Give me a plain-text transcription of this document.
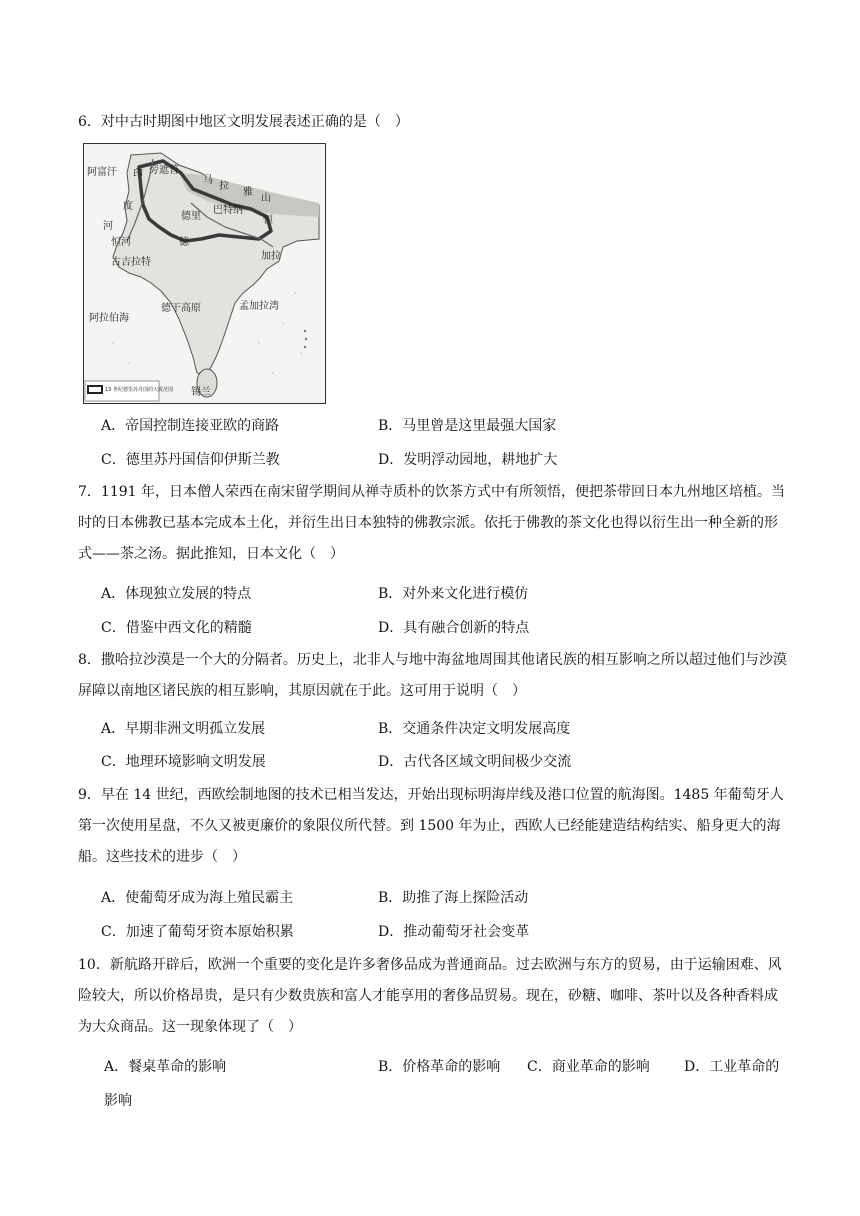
6．对中古时期图中地区文明发展表述正确的是（　）
阿富汗 印 旁遮普
度
河
恒河
古吉拉特
马
拉
雅
山
德里
巴特纳
德
恒
加拉
德干高原	孟加拉湾
阿拉伯海
锡兰
13 世纪德里苏丹国的大致范围
A．帝国控制连接亚欧的商路	B．马里曾是这里最强大国家
C．德里苏丹国信仰伊斯兰教	D．发明浮动园地，耕地扩大
7．1191 年，日本僧人荣西在南宋留学期间从禅寺质朴的饮茶方式中有所领悟，便把茶带回日本九州地区培植。当时的日本佛教已基本完成本土化，并衍生出日本独特的佛教宗派。依托于佛教的茶文化也得以衍生出一种全新的形式——茶之汤。据此推知，日本文化（　）
A．体现独立发展的特点	B．对外来文化进行模仿
C．借鉴中西文化的精髓	D．具有融合创新的特点
8．撒哈拉沙漠是一个大的分隔者。历史上，北非人与地中海盆地周围其他诸民族的相互影响之所以超过他们与沙漠屏障以南地区诸民族的相互影响，其原因就在于此。这可用于说明（　）
A．早期非洲文明孤立发展	B．交通条件决定文明发展高度
C．地理环境影响文明发展	D．古代各区域文明间极少交流
9．早在 14 世纪，西欧绘制地图的技术已相当发达，开始出现标明海岸线及港口位置的航海图。1485 年葡萄牙人第一次使用星盘，不久又被更廉价的象限仪所代替。到 1500 年为止，西欧人已经能建造结构结实、船身更大的海船。这些技术的进步（　）
A．使葡萄牙成为海上殖民霸主	B．助推了海上探险活动
C．加速了葡萄牙资本原始积累	D．推动葡萄牙社会变革
10．新航路开辟后，欧洲一个重要的变化是许多奢侈品成为普通商品。过去欧洲与东方的贸易，由于运输困难、风险较大，所以价格昂贵，是只有少数贵族和富人才能享用的奢侈品贸易。现在，砂糖、咖啡、茶叶以及各种香料成为大众商品。这一现象体现了（　）
A．餐桌革命的影响	B．价格革命的影响 C．商业革命的影响 D．工业革命的
影响
